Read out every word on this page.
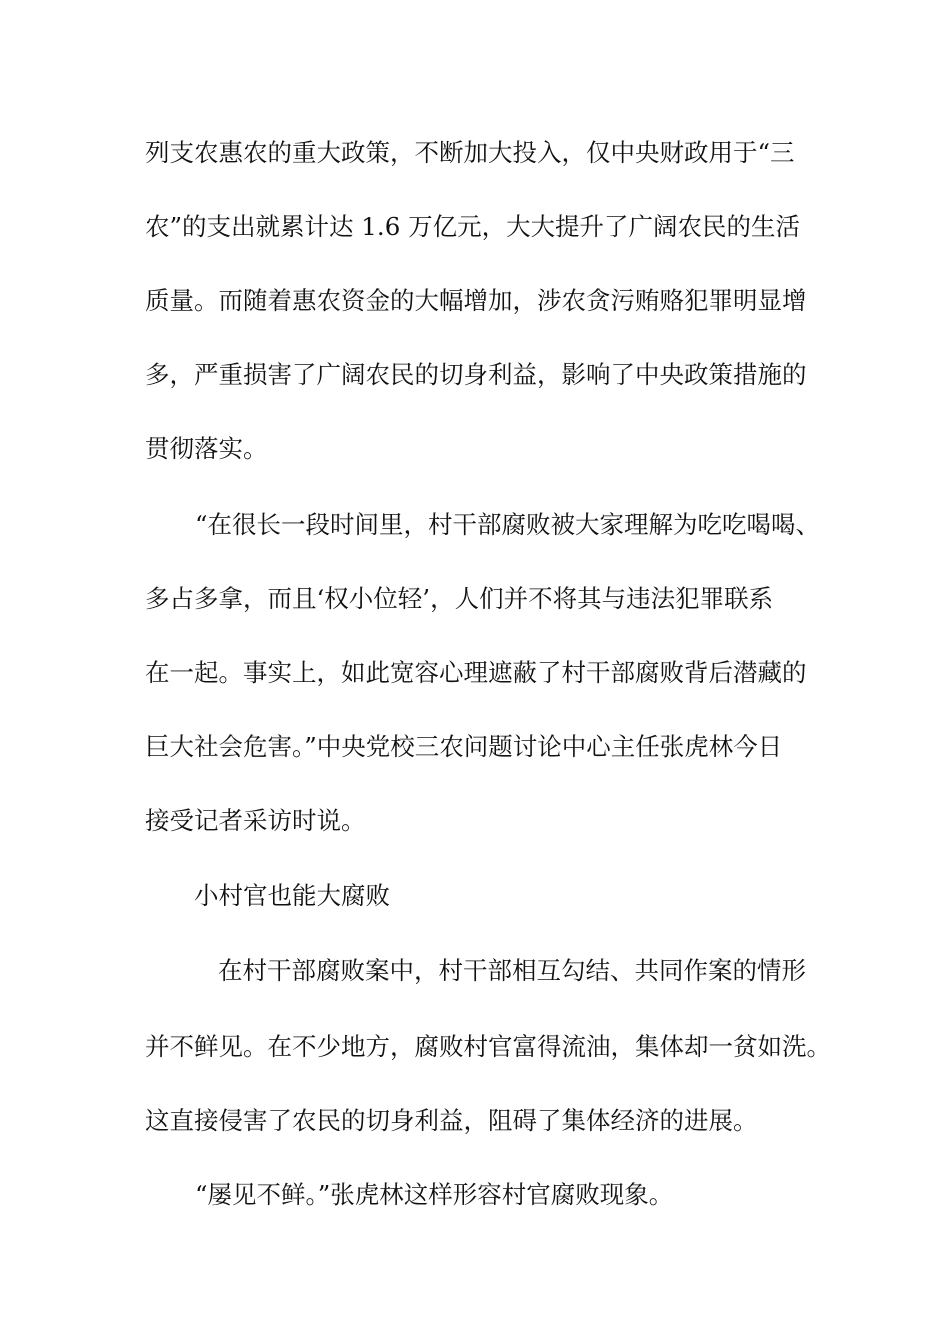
列支农惠农的重大政策，不断加大投入，仅中央财政用于“三

农”的支出就累计达 1.6 万亿元，大大提升了广阔农民的生活

质量。而随着惠农资金的大幅增加，涉农贪污贿赂犯罪明显增

多，严重损害了广阔农民的切身利益，影响了中央政策措施的

贯彻落实。

“在很长一段时间里，村干部腐败被大家理解为吃吃喝喝、

多占多拿，而且‘权小位轻’，人们并不将其与违法犯罪联系

在一起。事实上，如此宽容心理遮蔽了村干部腐败背后潜藏的

巨大社会危害。”中央党校三农问题讨论中心主任张虎林今日

接受记者采访时说。

小村官也能大腐败

在村干部腐败案中，村干部相互勾结、共同作案的情形

并不鲜见。在不少地方，腐败村官富得流油，集体却一贫如洗。

这直接侵害了农民的切身利益，阻碍了集体经济的进展。

“屡见不鲜。”张虎林这样形容村官腐败现象。
